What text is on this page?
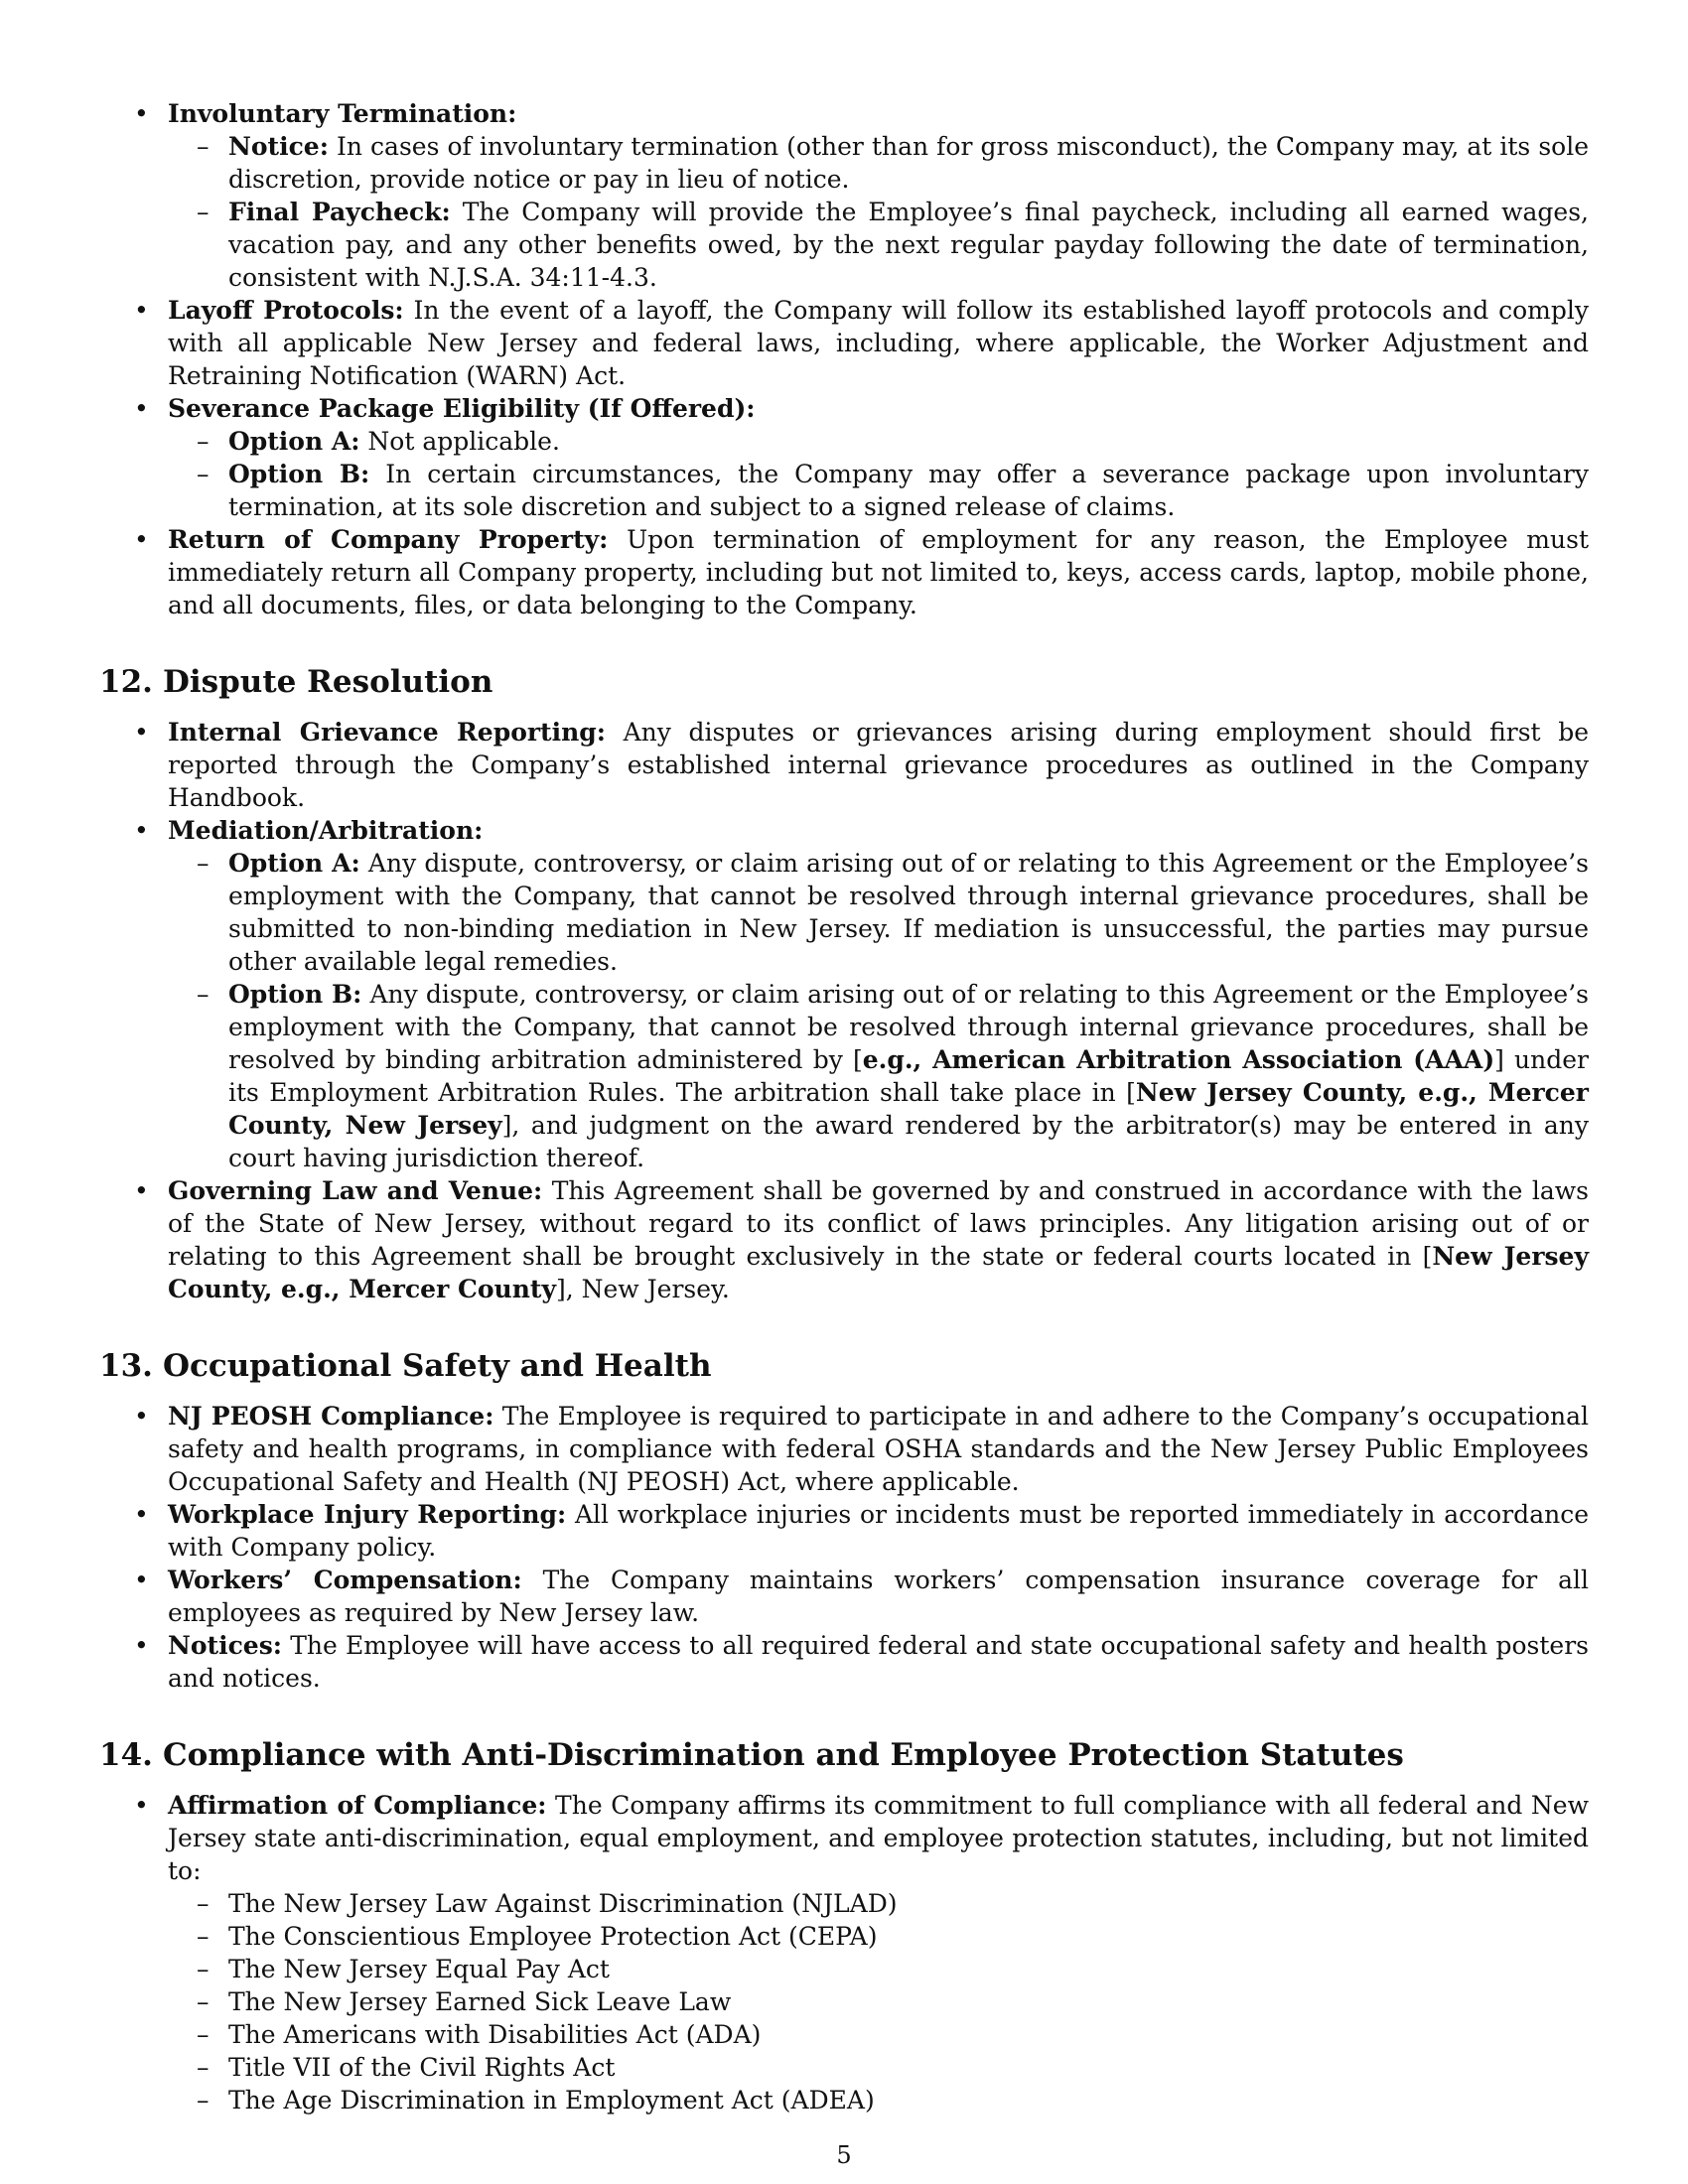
• Involuntary Termination:
– Notice: In cases of involuntary termination (other than for gross misconduct), the Company may, at its sole discretion, provide notice or pay in lieu of notice.
– Final Paycheck: The Company will provide the Employee’s final paycheck, including all earned wages, vacation pay, and any other benefits owed, by the next regular payday following the date of termination, consistent with N.J.S.A. 34:11-4.3.
• Layoff Protocols: In the event of a layoff, the Company will follow its established layoff protocols and comply with all applicable New Jersey and federal laws, including, where applicable, the Worker Adjustment and Retraining Notification (WARN) Act.
• Severance Package Eligibility (If Offered):
– Option A: Not applicable.
– Option B: In certain circumstances, the Company may offer a severance package upon involuntary termination, at its sole discretion and subject to a signed release of claims.
• Return of Company Property: Upon termination of employment for any reason, the Employee must immediately return all Company property, including but not limited to, keys, access cards, laptop, mobile phone, and all documents, files, or data belonging to the Company.
12. Dispute Resolution
• Internal Grievance Reporting: Any disputes or grievances arising during employment should first be reported through the Company’s established internal grievance procedures as outlined in the Company Handbook.
• Mediation/Arbitration:
– Option A: Any dispute, controversy, or claim arising out of or relating to this Agreement or the Employee’s employment with the Company, that cannot be resolved through internal grievance procedures, shall be submitted to non-binding mediation in New Jersey. If mediation is unsuccessful, the parties may pursue other available legal remedies.
– Option B: Any dispute, controversy, or claim arising out of or relating to this Agreement or the Employee’s employment with the Company, that cannot be resolved through internal grievance procedures, shall be resolved by binding arbitration administered by [e.g., American Arbitration Association (AAA)] under its Employment Arbitration Rules. The arbitration shall take place in [New Jersey County, e.g., Mercer County, New Jersey], and judgment on the award rendered by the arbitrator(s) may be entered in any court having jurisdiction thereof.
• Governing Law and Venue: This Agreement shall be governed by and construed in accordance with the laws of the State of New Jersey, without regard to its conflict of laws principles. Any litigation arising out of or relating to this Agreement shall be brought exclusively in the state or federal courts located in [New Jersey County, e.g., Mercer County], New Jersey.
13. Occupational Safety and Health
• NJ PEOSH Compliance: The Employee is required to participate in and adhere to the Company’s occupational safety and health programs, in compliance with federal OSHA standards and the New Jersey Public Employees Occupational Safety and Health (NJ PEOSH) Act, where applicable.
• Workplace Injury Reporting: All workplace injuries or incidents must be reported immediately in accordance with Company policy.
• Workers’ Compensation: The Company maintains workers’ compensation insurance coverage for all employees as required by New Jersey law.
• Notices: The Employee will have access to all required federal and state occupational safety and health posters and notices.
14. Compliance with Anti-Discrimination and Employee Protection Statutes
• Affirmation of Compliance: The Company affirms its commitment to full compliance with all federal and New Jersey state anti-discrimination, equal employment, and employee protection statutes, including, but not limited to:
– The New Jersey Law Against Discrimination (NJLAD)
– The Conscientious Employee Protection Act (CEPA)
– The New Jersey Equal Pay Act
– The New Jersey Earned Sick Leave Law
– The Americans with Disabilities Act (ADA)
– Title VII of the Civil Rights Act
– The Age Discrimination in Employment Act (ADEA)
5
